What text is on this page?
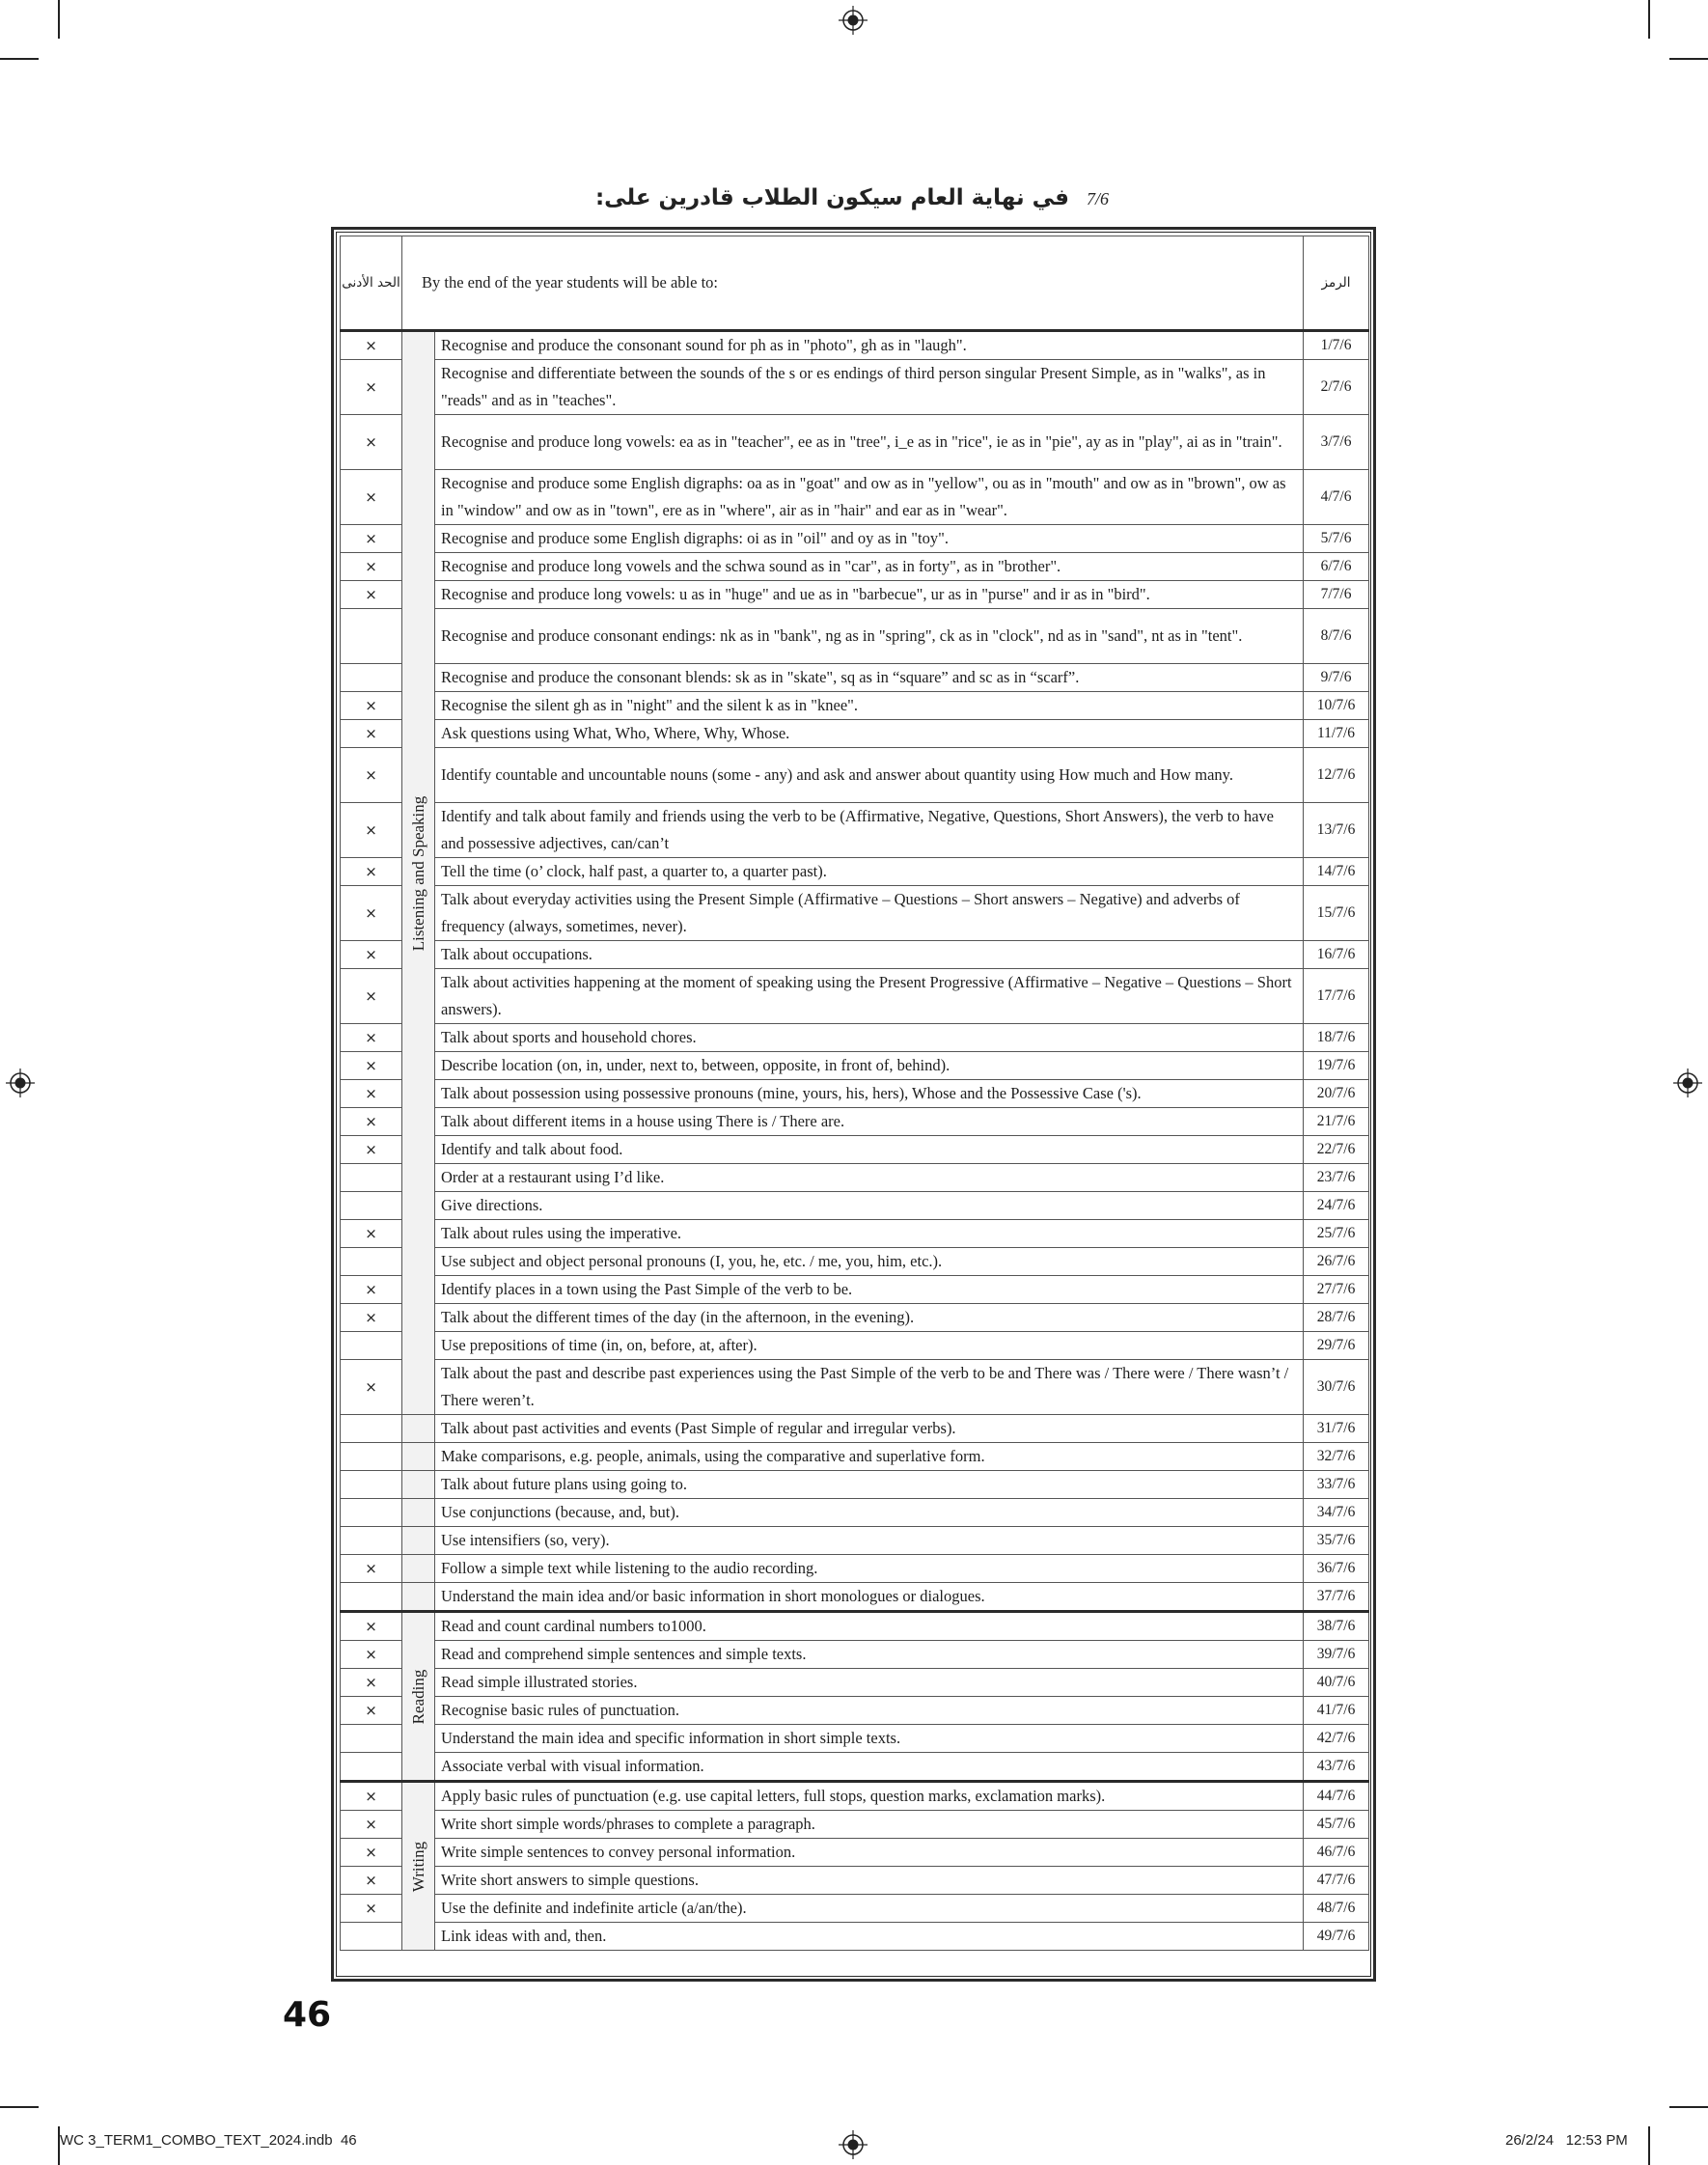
7/6 في نهاية العام سيكون الطلاب قادرين على:
الحد الأدنى	By the end of the year students will be able to:		الرمز
×	Listening and Speaking	Recognise and produce the consonant sound for ph as in "photo", gh as in "laugh".	1/7/6
×		Recognise and differentiate between the sounds of the s or es endings of third person singular Present Simple, as in "walks", as in "reads" and as in "teaches".	2/7/6
×		Recognise and produce long vowels: ea as in "teacher", ee as in "tree", i_e as in "rice", ie as in "pie", ay as in "play", ai as in "train".	3/7/6
×		Recognise and produce some English digraphs: oa as in "goat" and ow as in "yellow", ou as in "mouth" and ow as in "brown", ow as in "window" and ow as in "town", ere as in "where", air as in "hair" and ear as in "wear".	4/7/6
×		Recognise and produce some English digraphs: oi as in "oil" and oy as in "toy".	5/7/6
×		Recognise and produce long vowels and the schwa sound as in "car", as in forty", as in "brother".	6/7/6
×		Recognise and produce long vowels: u as in "huge" and ue as in "barbecue", ur as in "purse" and ir as in "bird".	7/7/6
		Recognise and produce consonant endings: nk as in "bank", ng as in "spring", ck as in "clock", nd as in "sand", nt as in "tent".	8/7/6
		Recognise and produce the consonant blends: sk as in "skate", sq as in “square” and sc as in “scarf”.	9/7/6
×		Recognise the silent gh as in "night" and the silent k as in "knee".	10/7/6
×		Ask questions using What, Who, Where, Why, Whose.	11/7/6
×		Identify countable and uncountable nouns (some - any) and ask and answer about quantity using How much and How many.	12/7/6
×		Identify and talk about family and friends using the verb to be (Affirmative, Negative, Questions, Short Answers), the verb to have and possessive adjectives, can/can’t	13/7/6
×		Tell the time (o’ clock, half past, a quarter to, a quarter past).	14/7/6
×		Talk about everyday activities using the Present Simple (Affirmative – Questions – Short answers – Negative) and adverbs of frequency (always, sometimes, never).	15/7/6
×		Talk about occupations.	16/7/6
×		Talk about activities happening at the moment of speaking using the Present Progressive (Affirmative – Negative – Questions – Short answers).	17/7/6
×		Talk about sports and household chores.	18/7/6
×		Describe location (on, in, under, next to, between, opposite, in front of, behind).	19/7/6
×		Talk about possession using possessive pronouns (mine, yours, his, hers), Whose and the Possessive Case ('s).	20/7/6
×		Talk about different items in a house using There is / There are.	21/7/6
×		Identify and talk about food.	22/7/6
		Order at a restaurant using I’d like.	23/7/6
		Give directions.	24/7/6
×		Talk about rules using the imperative.	25/7/6
		Use subject and object personal pronouns (I, you, he, etc. / me, you, him, etc.).	26/7/6
×		Identify places in a town using the Past Simple of the verb to be.	27/7/6
×		Talk about the different times of the day (in the afternoon, in the evening).	28/7/6
		Use prepositions of time (in, on, before, at, after).	29/7/6
×		Talk about the past and describe past experiences using the Past Simple of the verb to be and There was / There were / There wasn’t / There weren’t.	30/7/6
		Talk about past activities and events (Past Simple of regular and irregular verbs).	31/7/6
		Make comparisons, e.g. people, animals, using the comparative and superlative form.	32/7/6
		Talk about future plans using going to.	33/7/6
		Use conjunctions (because, and, but).	34/7/6
		Use intensifiers (so, very).	35/7/6
×		Follow a simple text while listening to the audio recording.	36/7/6
		Understand the main idea and/or basic information in short monologues or dialogues.	37/7/6
×	Reading	Read and count cardinal numbers to1000.	38/7/6
×		Read and comprehend simple sentences and simple texts.	39/7/6
×		Read simple illustrated stories.	40/7/6
×		Recognise basic rules of punctuation.	41/7/6
		Understand the main idea and specific information in short simple texts.	42/7/6
		Associate verbal with visual information.	43/7/6
×	Writing	Apply basic rules of punctuation (e.g. use capital letters, full stops, question marks, exclamation marks).	44/7/6
×		Write short simple words/phrases to complete a paragraph.	45/7/6
×		Write simple sentences to convey personal information.	46/7/6
×		Write short answers to simple questions.	47/7/6
×		Use the definite and indefinite article (a/an/the).	48/7/6
		Link ideas with and, then.	49/7/6
46
WC 3_TERM1_COMBO_TEXT_2024.indb 46	26/2/24 12:53 PM
